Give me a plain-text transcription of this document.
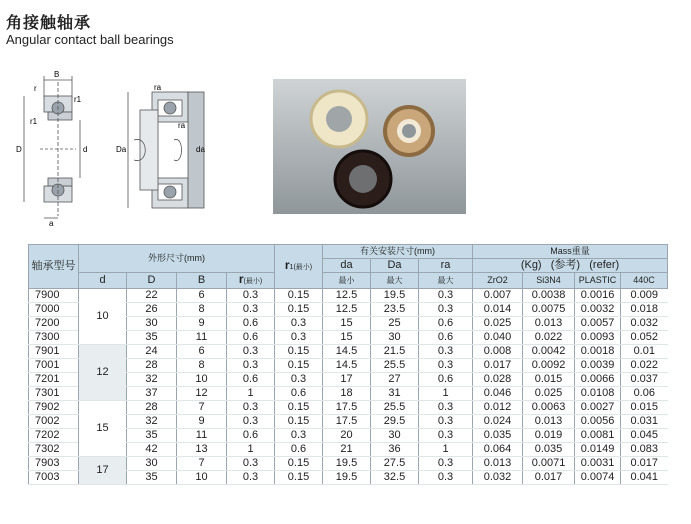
角接触轴承
Angular contact ball bearings
B
r
r1
r1
D	d
a
ra
ra
Da	da
轴承型号	外形尺寸(mm)				r1(最小)	有关安装尺寸(mm)			Mass重量			
						da	Da	ra	(Kg) (参考) (refer)			
	d	D	B	r(最小)		最小	最大	最大	ZrO2	Si3N4	PLASTIC	440C
7900	10	22	6	0.3	0.15	12.5	19.5	0.3	0.007	0.0038	0.0016	0.009
7000		26	8	0.3	0.15	12.5	23.5	0.3	0.014	0.0075	0.0032	0.018
7200		30	9	0.6	0.3	15	25	0.6	0.025	0.013	0.0057	0.032
7300		35	11	0.6	0.3	15	30	0.6	0.040	0.022	0.0093	0.052
7901	12	24	6	0.3	0.15	14.5	21.5	0.3	0.008	0.0042	0.0018	0.01
7001		28	8	0.3	0.15	14.5	25.5	0.3	0.017	0.0092	0.0039	0.022
7201		32	10	0.6	0.3	17	27	0.6	0.028	0.015	0.0066	0.037
7301		37	12	1	0.6	18	31	1	0.046	0.025	0.0108	0.06
7902	15	28	7	0.3	0.15	17.5	25.5	0.3	0.012	0.0063	0.0027	0.015
7002		32	9	0.3	0.15	17.5	29.5	0.3	0.024	0.013	0.0056	0.031
7202		35	11	0.6	0.3	20	30	0.3	0.035	0.019	0.0081	0.045
7302		42	13	1	0.6	21	36	1	0.064	0.035	0.0149	0.083
7903	17	30	7	0.3	0.15	19.5	27.5	0.3	0.013	0.0071	0.0031	0.017
7003		35	10	0.3	0.15	19.5	32.5	0.3	0.032	0.017	0.0074	0.041
